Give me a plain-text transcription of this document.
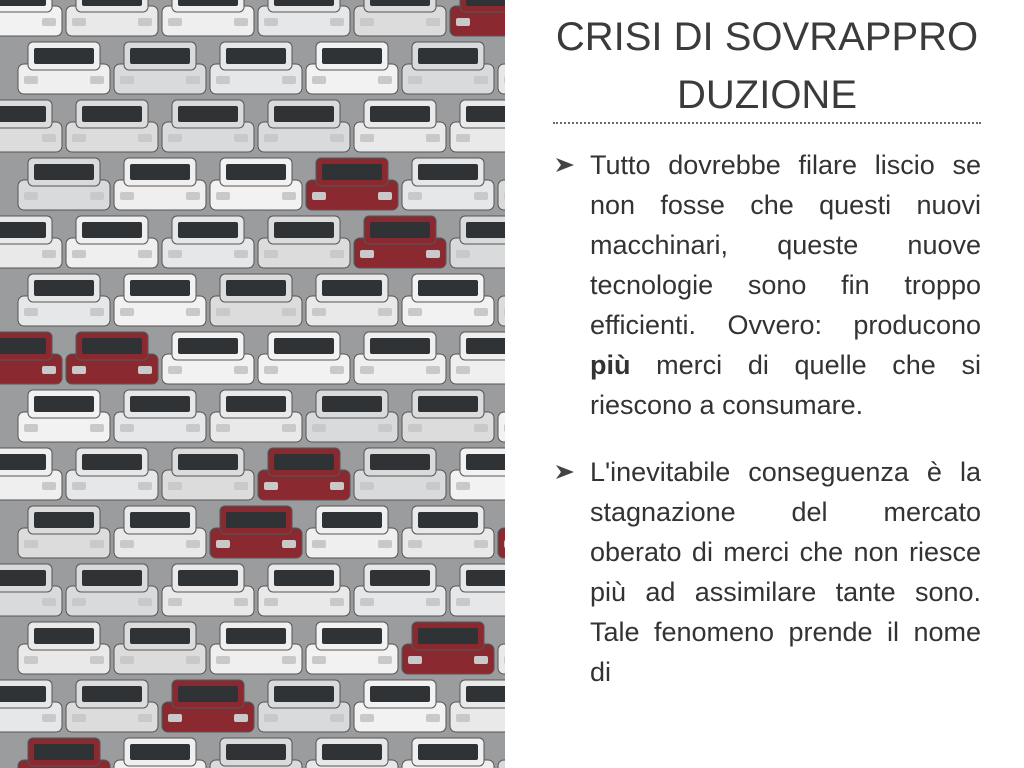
CRISI DI SOVRAPPRODUZIONE
Tutto dovrebbe filare liscio se non fosse che questi nuovi macchinari, queste nuove tecnologie sono fin troppo efficienti. Ovvero: producono più merci di quelle che si riescono a consumare.
L'inevitabile conseguenza è la stagnazione del mercato oberato di merci che non riesce più ad assimilare tante sono. Tale fenomeno prende il nome di
